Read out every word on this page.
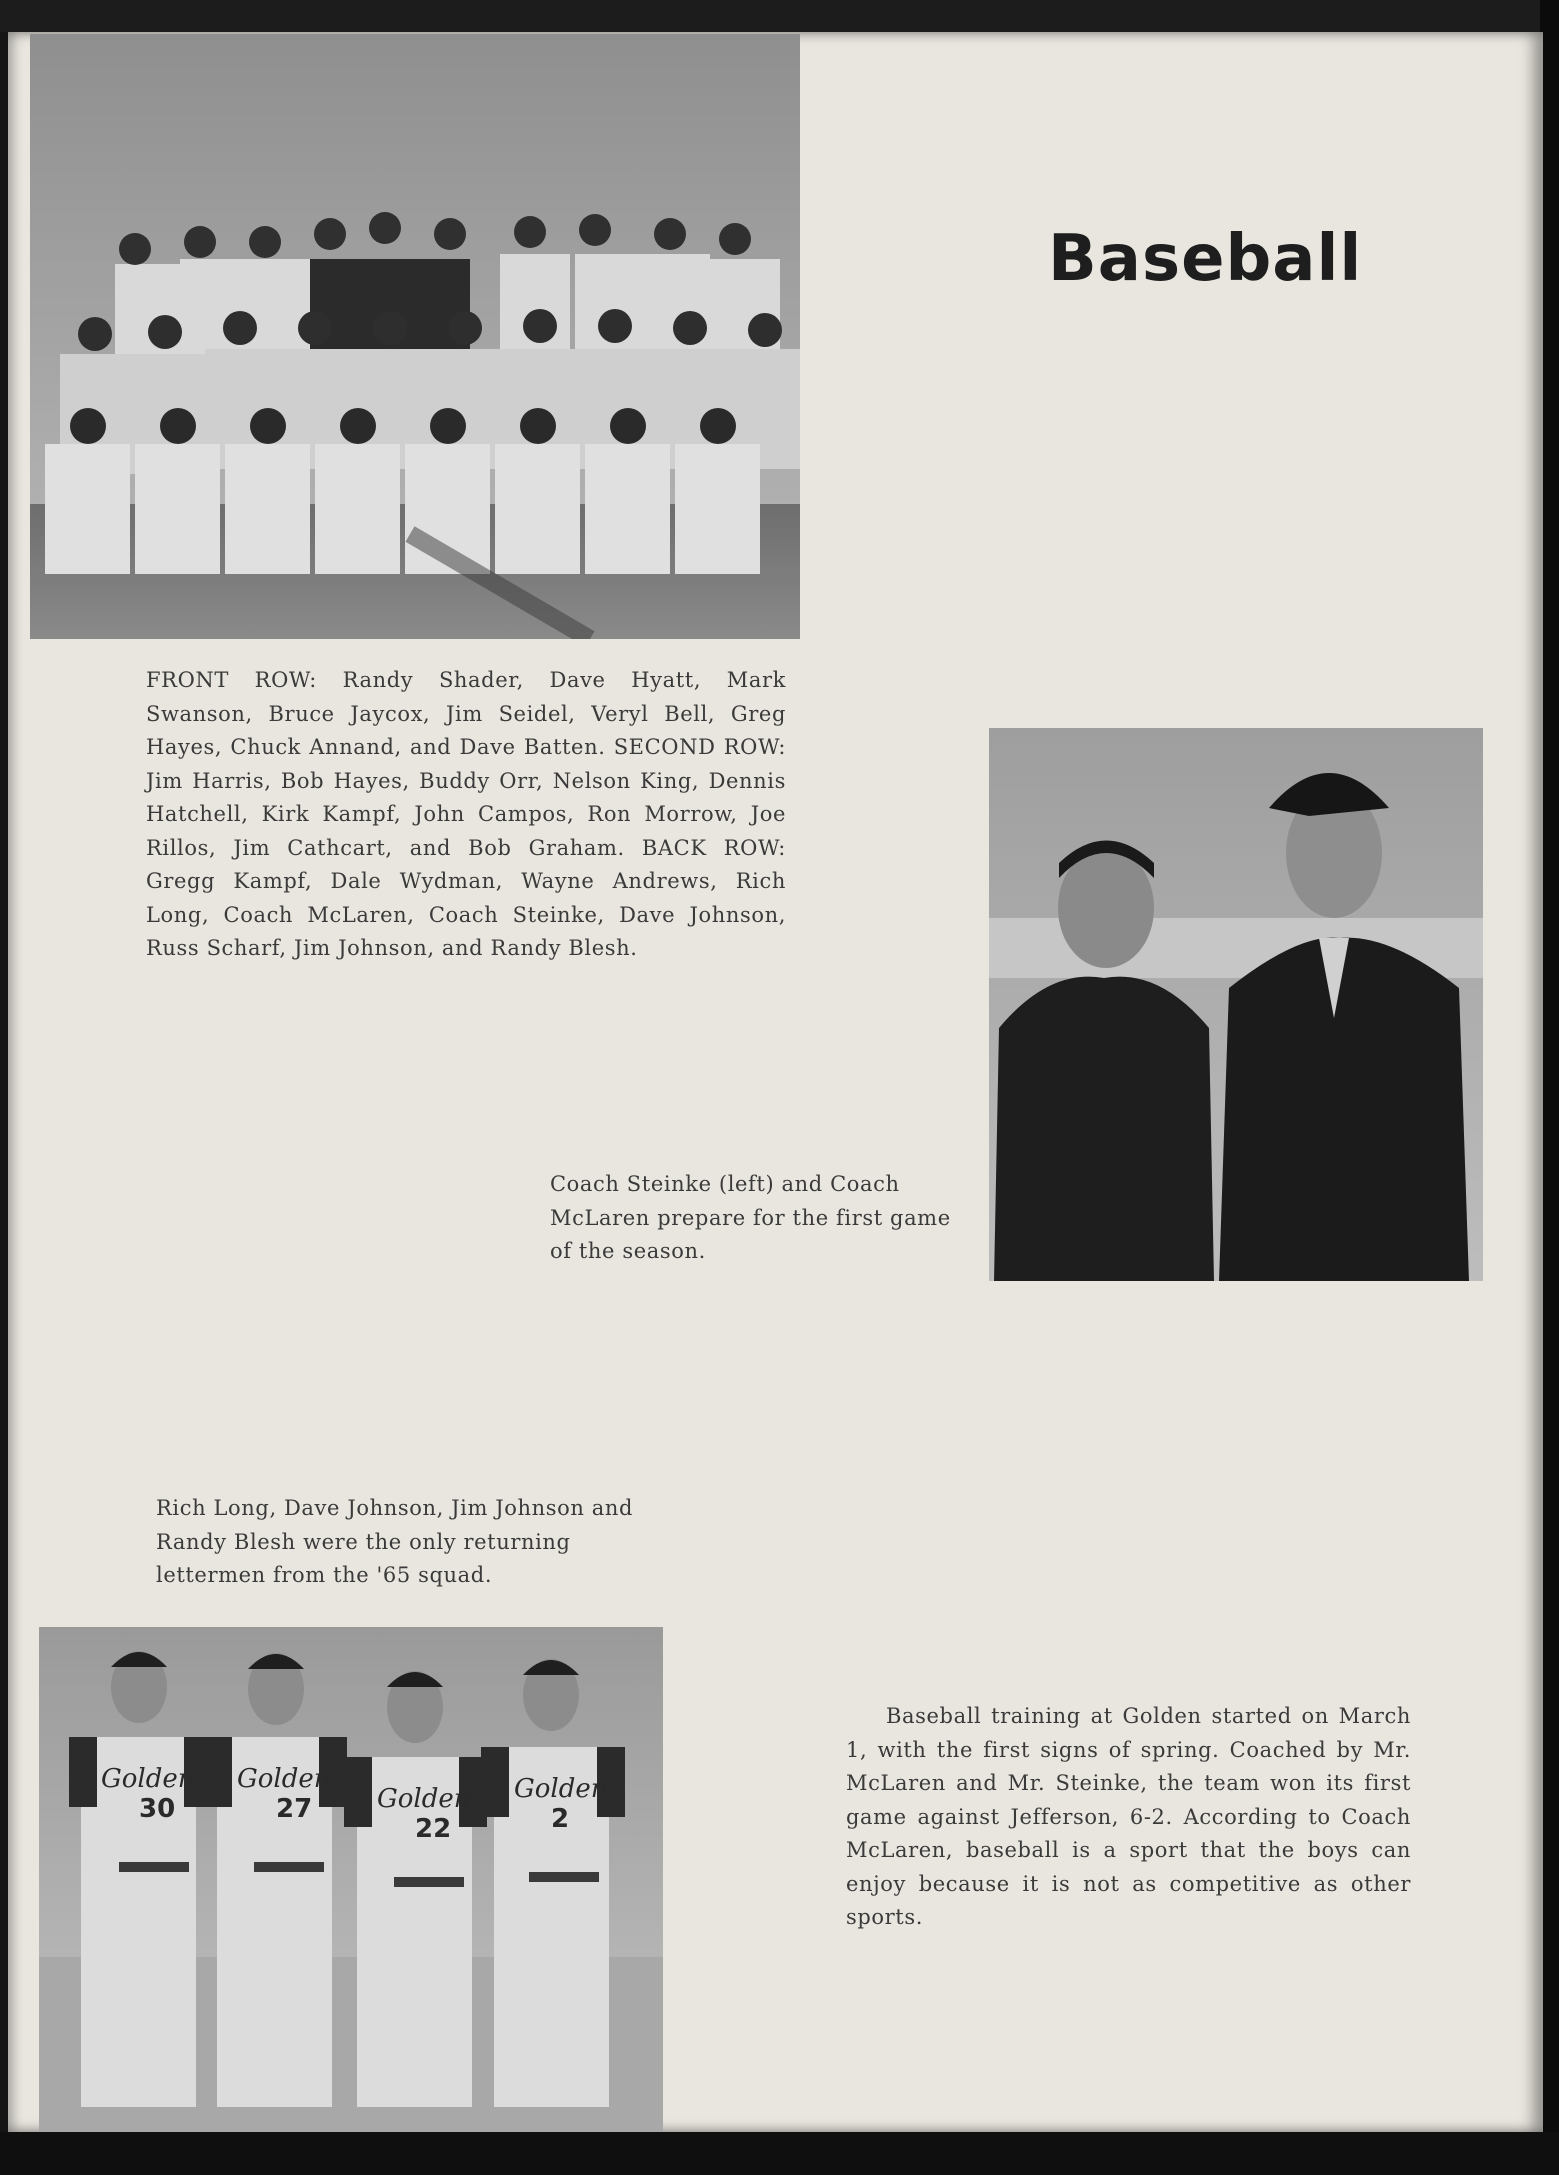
Baseball
FRONT ROW: Randy Shader, Dave Hyatt, Mark Swanson, Bruce Jaycox, Jim Seidel, Veryl Bell, Greg Hayes, Chuck Annand, and Dave Batten. SECOND ROW: Jim Harris, Bob Hayes, Buddy Orr, Nelson King, Dennis Hatchell, Kirk Kampf, John Campos, Ron Morrow, Joe Rillos, Jim Cathcart, and Bob Graham. BACK ROW: Gregg Kampf, Dale Wydman, Wayne Andrews, Rich Long, Coach McLaren, Coach Steinke, Dave Johnson, Russ Scharf, Jim Johnson, and Randy Blesh.
Coach Steinke (left) and Coach McLaren prepare for the first game of the season.
Rich Long, Dave Johnson, Jim Johnson and Randy Blesh were the only returning lettermen from the '65 squad.
Golden Golden
Golden Golden
30	27
22	2
Baseball training at Golden started on March 1, with the first signs of spring. Coached by Mr. McLaren and Mr. Steinke, the team won its first game against Jefferson, 6-2. According to Coach McLaren, baseball is a sport that the boys can enjoy because it is not as competitive as other sports.
